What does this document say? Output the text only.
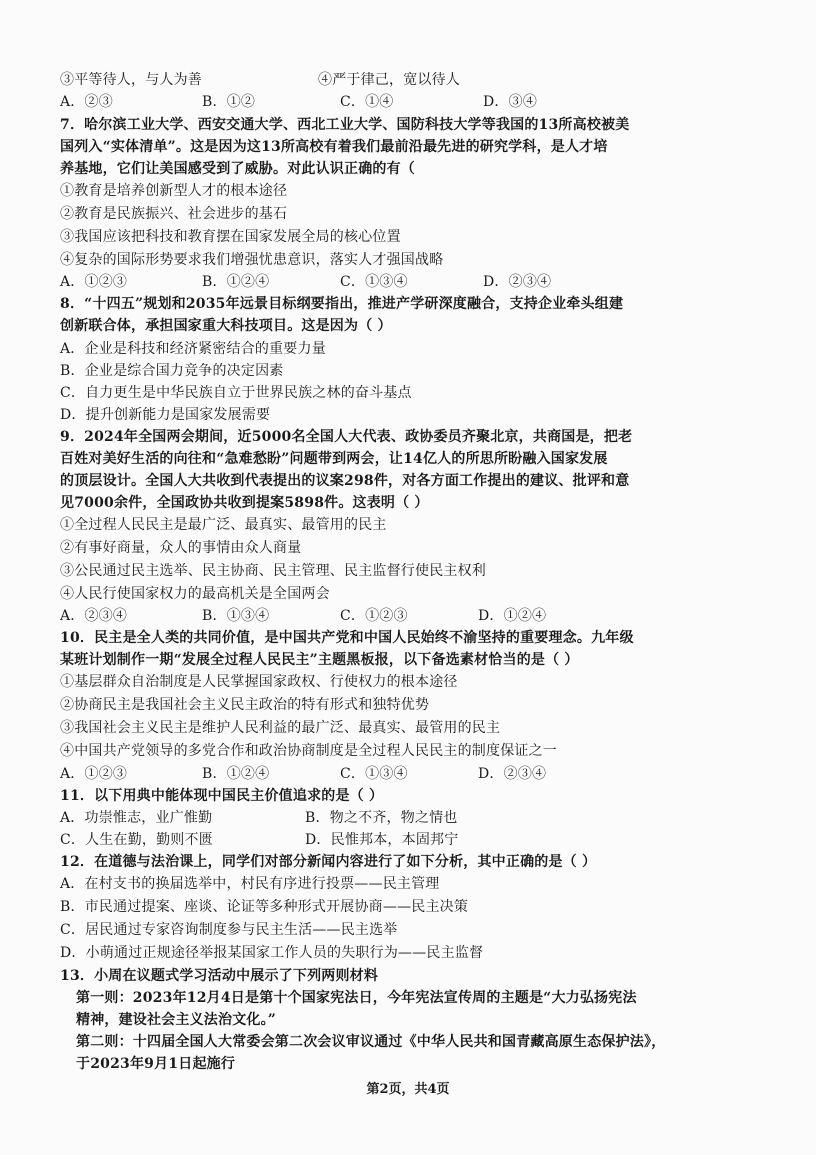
③平等待人，与人为善	④严于律己，宽以待人
A．②③	B．①②	C．①④	D．③④
7．哈尔滨工业大学、西安交通大学、西北工业大学、国防科技大学等我国的13所高校被美
国列入“实体清单”。这是因为这13所高校有着我们最前沿最先进的研究学科，是人才培
养基地，它们让美国感受到了威胁。对此认识正确的有（
①教育是培养创新型人才的根本途径
②教育是民族振兴、社会进步的基石
③我国应该把科技和教育摆在国家发展全局的核心位置
④复杂的国际形势要求我们增强忧患意识，落实人才强国战略
A．①②③	B．①②④	C．①③④	D．②③④
8．“十四五”规划和2035年远景目标纲要指出，推进产学研深度融合，支持企业牵头组建
创新联合体，承担国家重大科技项目。这是因为（ ）
A．企业是科技和经济紧密结合的重要力量
B．企业是综合国力竞争的决定因素
C．自力更生是中华民族自立于世界民族之林的奋斗基点
D．提升创新能力是国家发展需要
9．2024年全国两会期间，近5000名全国人大代表、政协委员齐聚北京，共商国是，把老
百姓对美好生活的向往和“急难愁盼”问题带到两会，让14亿人的所思所盼融入国家发展
的顶层设计。全国人大共收到代表提出的议案298件，对各方面工作提出的建议、批评和意
见7000余件，全国政协共收到提案5898件。这表明（ ）
①全过程人民民主是最广泛、最真实、最管用的民主
②有事好商量，众人的事情由众人商量
③公民通过民主选举、民主协商、民主管理、民主监督行使民主权利
④人民行使国家权力的最高机关是全国两会
A．②③④	B．①③④	C．①②③	D．①②④
10．民主是全人类的共同价值，是中国共产党和中国人民始终不渝坚持的重要理念。九年级
某班计划制作一期“发展全过程人民民主”主题黑板报，以下备选素材恰当的是（ ）
①基层群众自治制度是人民掌握国家政权、行使权力的根本途径
②协商民主是我国社会主义民主政治的特有形式和独特优势
③我国社会主义民主是维护人民利益的最广泛、最真实、最管用的民主
④中国共产党领导的多党合作和政治协商制度是全过程人民民主的制度保证之一
A．①②③	B．①②④	C．①③④	D．②③④
11．以下用典中能体现中国民主价值追求的是（ ）
A．功崇惟志，业广惟勤	B．物之不齐，物之情也
C．人生在勤，勤则不匮	D．民惟邦本，本固邦宁
12．在道德与法治课上，同学们对部分新闻内容进行了如下分析，其中正确的是（ ）
A．在村支书的换届选举中，村民有序进行投票——民主管理
B．市民通过提案、座谈、论证等多种形式开展协商——民主决策
C．居民通过专家咨询制度参与民主生活——民主选举
D．小萌通过正规途径举报某国家工作人员的失职行为——民主监督
13．小周在议题式学习活动中展示了下列两则材料
第一则：2023年12月4日是第十个国家宪法日，今年宪法宣传周的主题是“大力弘扬宪法
精神，建设社会主义法治文化。”
第二则：十四届全国人大常委会第二次会议审议通过《中华人民共和国青藏高原生态保护法》，
于2023年9月1日起施行
第2页，共4页
